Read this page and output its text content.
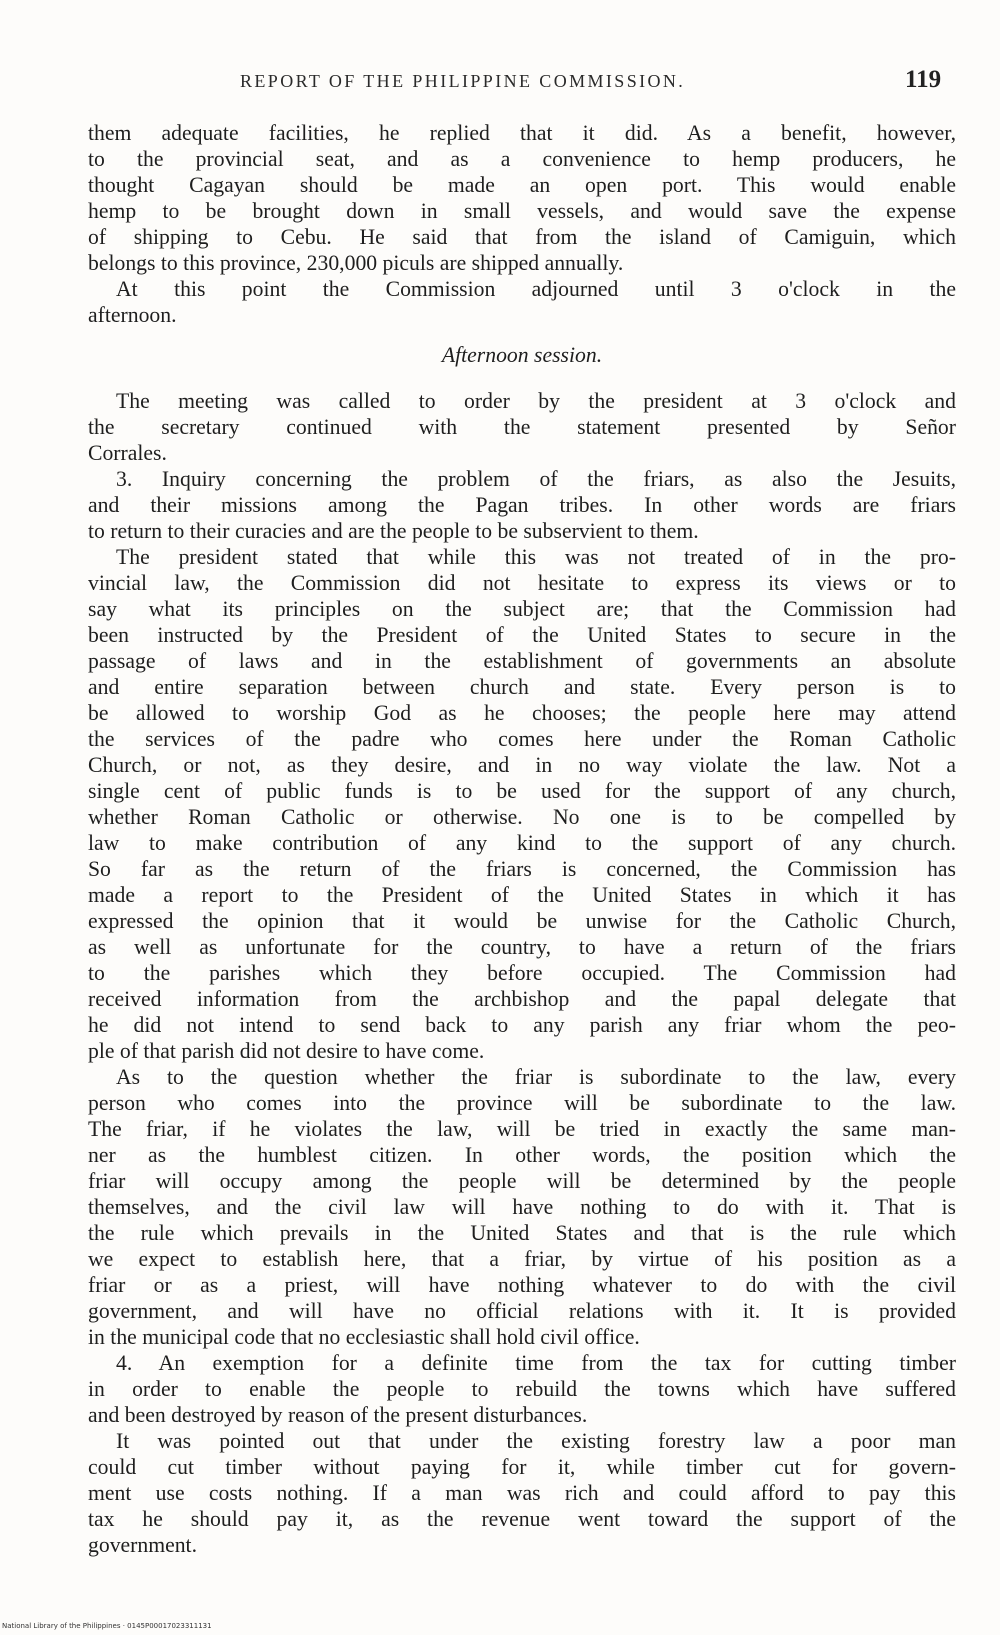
REPORT OF THE PHILIPPINE COMMISSION.	119
them adequate facilities, he replied that it did. As a benefit, however,
to the provincial seat, and as a convenience to hemp producers, he
thought Cagayan should be made an open port. This would enable
hemp to be brought down in small vessels, and would save the expense
of shipping to Cebu. He said that from the island of Camiguin, which
belongs to this province, 230,000 piculs are shipped annually.
At this point the Commission adjourned until 3 o'clock in the
afternoon.
Afternoon session.
The meeting was called to order by the president at 3 o'clock and
the secretary continued with the statement presented by Señor
Corrales.
3. Inquiry concerning the problem of the friars, as also the Jesuits,
and their missions among the Pagan tribes. In other words are friars
to return to their curacies and are the people to be subservient to them.
The president stated that while this was not treated of in the pro-
vincial law, the Commission did not hesitate to express its views or to
say what its principles on the subject are; that the Commission had
been instructed by the President of the United States to secure in the
passage of laws and in the establishment of governments an absolute
and entire separation between church and state. Every person is to
be allowed to worship God as he chooses; the people here may attend
the services of the padre who comes here under the Roman Catholic
Church, or not, as they desire, and in no way violate the law. Not a
single cent of public funds is to be used for the support of any church,
whether Roman Catholic or otherwise. No one is to be compelled by
law to make contribution of any kind to the support of any church.
So far as the return of the friars is concerned, the Commission has
made a report to the President of the United States in which it has
expressed the opinion that it would be unwise for the Catholic Church,
as well as unfortunate for the country, to have a return of the friars
to the parishes which they before occupied. The Commission had
received information from the archbishop and the papal delegate that
he did not intend to send back to any parish any friar whom the peo-
ple of that parish did not desire to have come.
As to the question whether the friar is subordinate to the law, every
person who comes into the province will be subordinate to the law.
The friar, if he violates the law, will be tried in exactly the same man-
ner as the humblest citizen. In other words, the position which the
friar will occupy among the people will be determined by the people
themselves, and the civil law will have nothing to do with it. That is
the rule which prevails in the United States and that is the rule which
we expect to establish here, that a friar, by virtue of his position as a
friar or as a priest, will have nothing whatever to do with the civil
government, and will have no official relations with it. It is provided
in the municipal code that no ecclesiastic shall hold civil office.
4. An exemption for a definite time from the tax for cutting timber
in order to enable the people to rebuild the towns which have suffered
and been destroyed by reason of the present disturbances.
It was pointed out that under the existing forestry law a poor man
could cut timber without paying for it, while timber cut for govern-
ment use costs nothing. If a man was rich and could afford to pay this
tax he should pay it, as the revenue went toward the support of the
government.
National Library of the Philippines · 0145P00017023311131
